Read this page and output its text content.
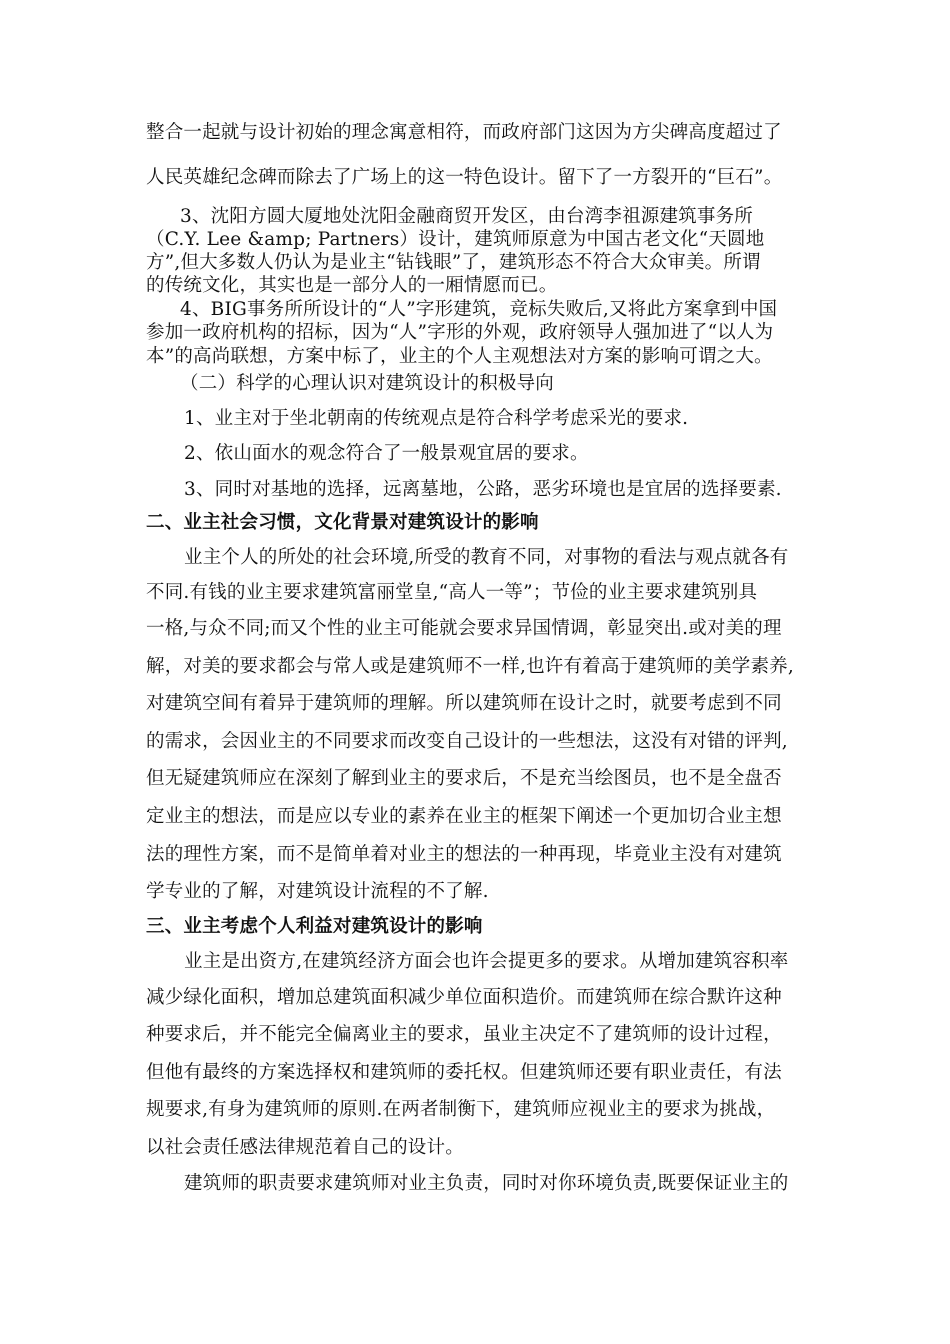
整合一起就与设计初始的理念寓意相符，而政府部门这因为方尖碑高度超过了
人民英雄纪念碑而除去了广场上的这一特色设计。留下了一方裂开的“巨石”。
3、沈阳方圆大厦地处沈阳金融商贸开发区，由台湾李祖源建筑事务所
（C.Y. Lee &amp; Partners）设计，建筑师原意为中国古老文化“天圆地
方”,但大多数人仍认为是业主“钻钱眼”了，建筑形态不符合大众审美。所谓
的传统文化，其实也是一部分人的一厢情愿而已。
4、BIG事务所所设计的“人”字形建筑，竞标失败后,又将此方案拿到中国
参加一政府机构的招标，因为“人”字形的外观，政府领导人强加进了“以人为
本”的高尚联想，方案中标了，业主的个人主观想法对方案的影响可谓之大。
（二）科学的心理认识对建筑设计的积极导向
1、业主对于坐北朝南的传统观点是符合科学考虑采光的要求.
2、依山面水的观念符合了一般景观宜居的要求。
3、同时对基地的选择，远离墓地，公路，恶劣环境也是宜居的选择要素.
二、业主社会习惯，文化背景对建筑设计的影响
业主个人的所处的社会环境,所受的教育不同，对事物的看法与观点就各有
不同.有钱的业主要求建筑富丽堂皇,“高人一等”；节俭的业主要求建筑别具
一格,与众不同;而又个性的业主可能就会要求异国情调，彰显突出.或对美的理
解，对美的要求都会与常人或是建筑师不一样,也许有着高于建筑师的美学素养,
对建筑空间有着异于建筑师的理解。所以建筑师在设计之时，就要考虑到不同
的需求，会因业主的不同要求而改变自己设计的一些想法，这没有对错的评判,
但无疑建筑师应在深刻了解到业主的要求后，不是充当绘图员，也不是全盘否
定业主的想法，而是应以专业的素养在业主的框架下阐述一个更加切合业主想
法的理性方案，而不是简单着对业主的想法的一种再现，毕竟业主没有对建筑
学专业的了解，对建筑设计流程的不了解.
三、业主考虑个人利益对建筑设计的影响
业主是出资方,在建筑经济方面会也许会提更多的要求。从增加建筑容积率
减少绿化面积，增加总建筑面积减少单位面积造价。而建筑师在综合默许这种
种要求后，并不能完全偏离业主的要求，虽业主决定不了建筑师的设计过程，
但他有最终的方案选择权和建筑师的委托权。但建筑师还要有职业责任，有法
规要求,有身为建筑师的原则.在两者制衡下，建筑师应视业主的要求为挑战，
以社会责任感法律规范着自己的设计。
建筑师的职责要求建筑师对业主负责，同时对你环境负责,既要保证业主的
